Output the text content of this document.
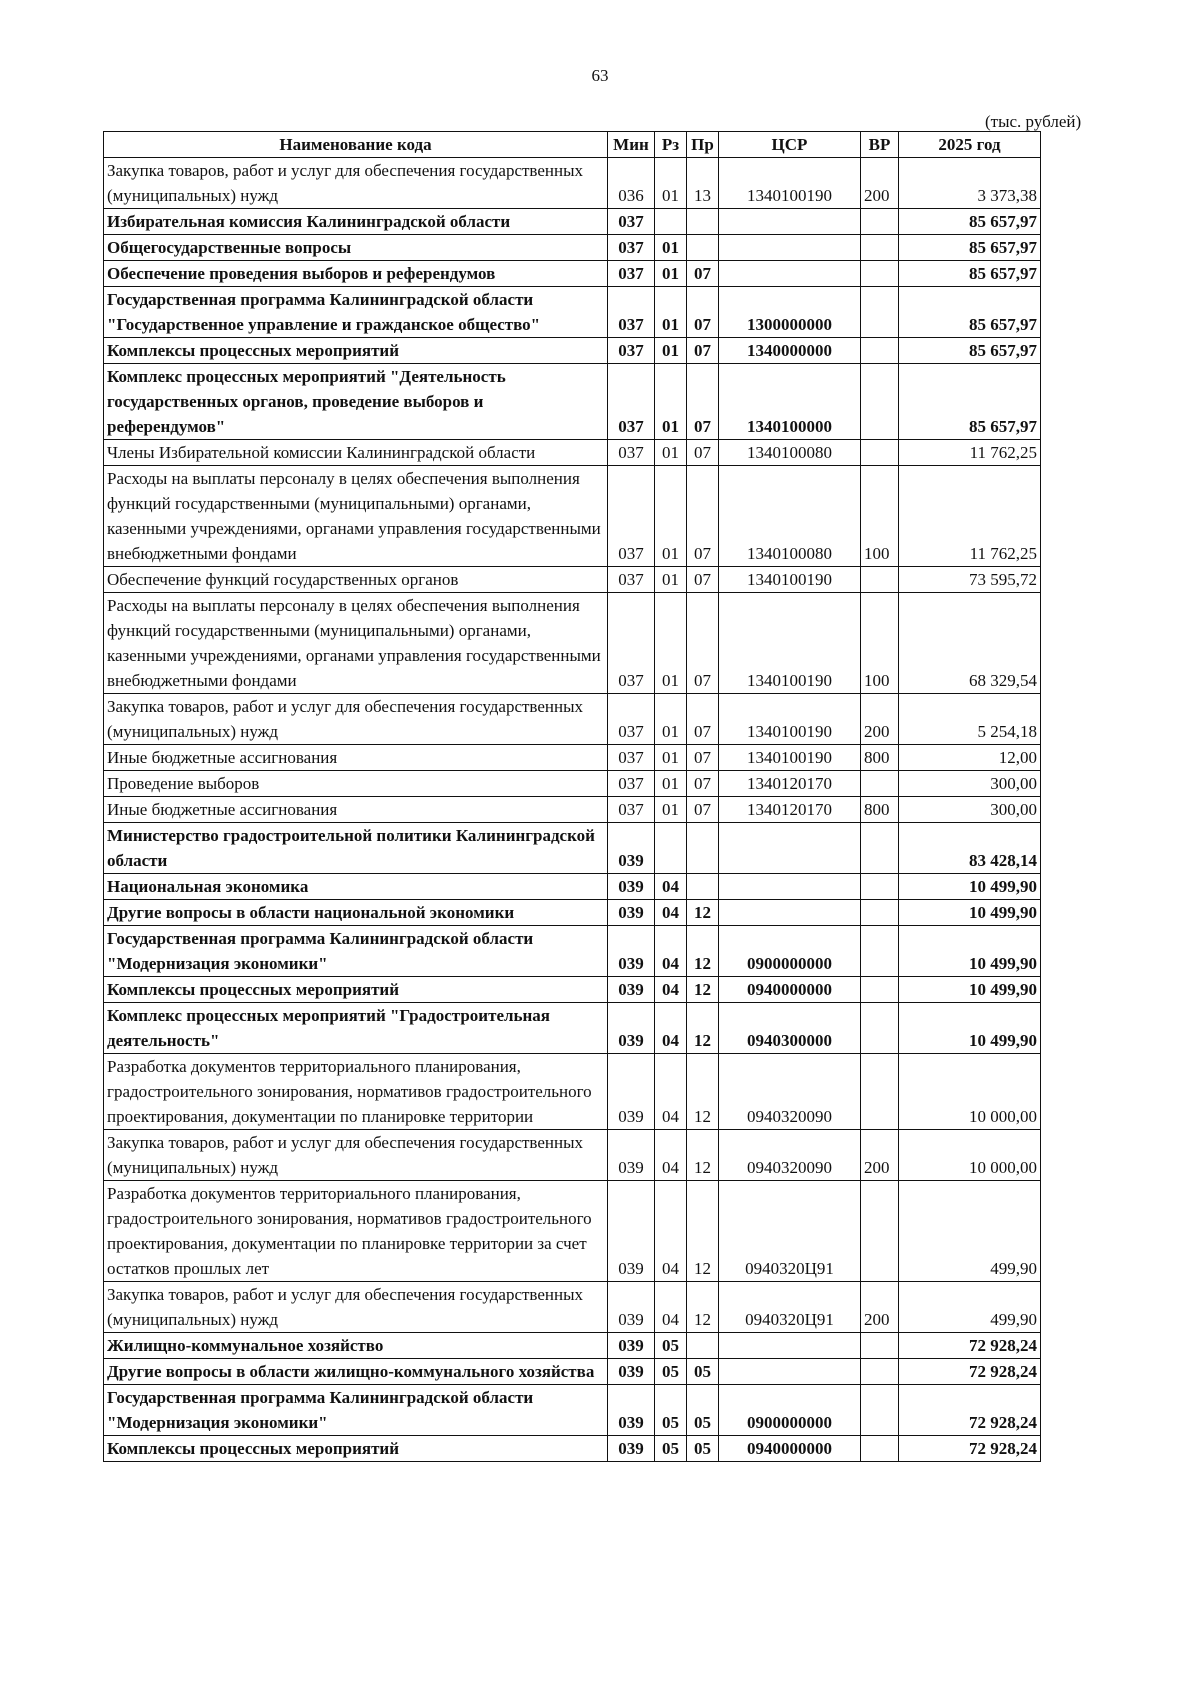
63
(тыс. рублей)
Наименование кода	Мин	Рз	Пр	ЦСР	ВР	2025 год
Закупка товаров, работ и услуг для обеспечения государственных (муниципальных) нужд	036	01	13	1340100190	200	3 373,38
Избирательная комиссия Калининградской области	037					85 657,97
Общегосударственные вопросы	037	01				85 657,97
Обеспечение проведения выборов и референдумов	037	01	07			85 657,97
Государственная программа Калининградской области "Государственное управление и гражданское общество"	037	01	07	1300000000		85 657,97
Комплексы процессных мероприятий	037	01	07	1340000000		85 657,97
Комплекс процессных мероприятий "Деятельность государственных органов, проведение выборов и референдумов"	037	01	07	1340100000		85 657,97
Члены Избирательной комиссии Калининградской области	037	01	07	1340100080		11 762,25
Расходы на выплаты персоналу в целях обеспечения выполнения функций государственными (муниципальными) органами, казенными учреждениями, органами управления государственными внебюджетными фондами	037	01	07	1340100080	100	11 762,25
Обеспечение функций государственных органов	037	01	07	1340100190		73 595,72
Расходы на выплаты персоналу в целях обеспечения выполнения функций государственными (муниципальными) органами, казенными учреждениями, органами управления государственными внебюджетными фондами	037	01	07	1340100190	100	68 329,54
Закупка товаров, работ и услуг для обеспечения государственных (муниципальных) нужд	037	01	07	1340100190	200	5 254,18
Иные бюджетные ассигнования	037	01	07	1340100190	800	12,00
Проведение выборов	037	01	07	1340120170		300,00
Иные бюджетные ассигнования	037	01	07	1340120170	800	300,00
Министерство градостроительной политики Калининградской области	039					83 428,14
Национальная экономика	039	04				10 499,90
Другие вопросы в области национальной экономики	039	04	12			10 499,90
Государственная программа Калининградской области "Модернизация экономики"	039	04	12	0900000000		10 499,90
Комплексы процессных мероприятий	039	04	12	0940000000		10 499,90
Комплекс процессных мероприятий "Градостроительная деятельность"	039	04	12	0940300000		10 499,90
Разработка документов территориального планирования, градостроительного зонирования, нормативов градостроительного проектирования, документации по планировке территории	039	04	12	0940320090		10 000,00
Закупка товаров, работ и услуг для обеспечения государственных (муниципальных) нужд	039	04	12	0940320090	200	10 000,00
Разработка документов территориального планирования, градостроительного зонирования, нормативов градостроительного проектирования, документации по планировке территории за счет остатков прошлых лет	039	04	12	0940320Ц91		499,90
Закупка товаров, работ и услуг для обеспечения государственных (муниципальных) нужд	039	04	12	0940320Ц91	200	499,90
Жилищно-коммунальное хозяйство	039	05				72 928,24
Другие вопросы в области жилищно-коммунального хозяйства	039	05	05			72 928,24
Государственная программа Калининградской области "Модернизация экономики"	039	05	05	0900000000		72 928,24
Комплексы процессных мероприятий	039	05	05	0940000000		72 928,24
